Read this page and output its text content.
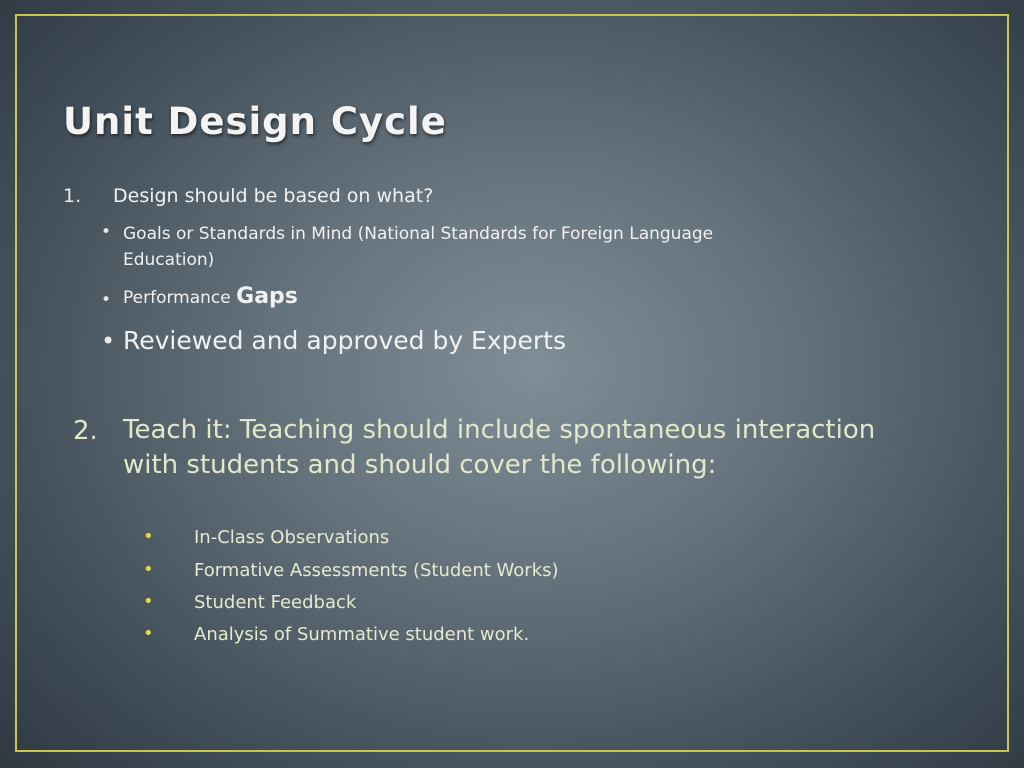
Unit Design Cycle
1. Design should be based on what?
• Goals or Standards in Mind (National Standards for Foreign Language
Education)
• Performance Gaps
• Reviewed and approved by Experts
2. Teach it: Teaching should include spontaneous interaction
with students and should cover the following:
• In-Class Observations
• Formative Assessments (Student Works)
• Student Feedback
• Analysis of Summative student work.
